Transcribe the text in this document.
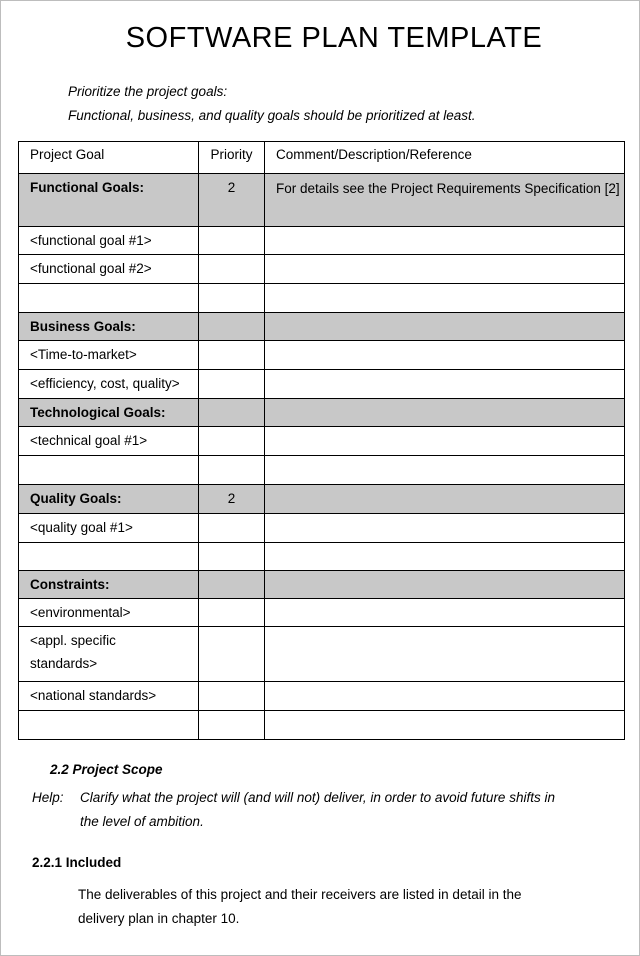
SOFTWARE PLAN TEMPLATE
Prioritize the project goals:
Functional, business, and quality goals should be prioritized at least.
Project Goal	Priority	Comment/Description/Reference
Functional Goals:	2	For details see the Project Requirements Specification [2]
<functional goal #1>		
<functional goal #2>		

Business Goals:		
<Time-to-market>		
<efficiency, cost, quality>		
Technological Goals:		
<technical goal #1>		

Quality Goals:	2	
<quality goal #1>		

Constraints:		
<environmental>		
<appl. specific standards>		
<national standards>		

2.2 Project Scope
Help: Clarify what the project will (and will not) deliver, in order to avoid future shifts in
the level of ambition.
2.2.1 Included
The deliverables of this project and their receivers are listed in detail in the
delivery plan in chapter 10.
